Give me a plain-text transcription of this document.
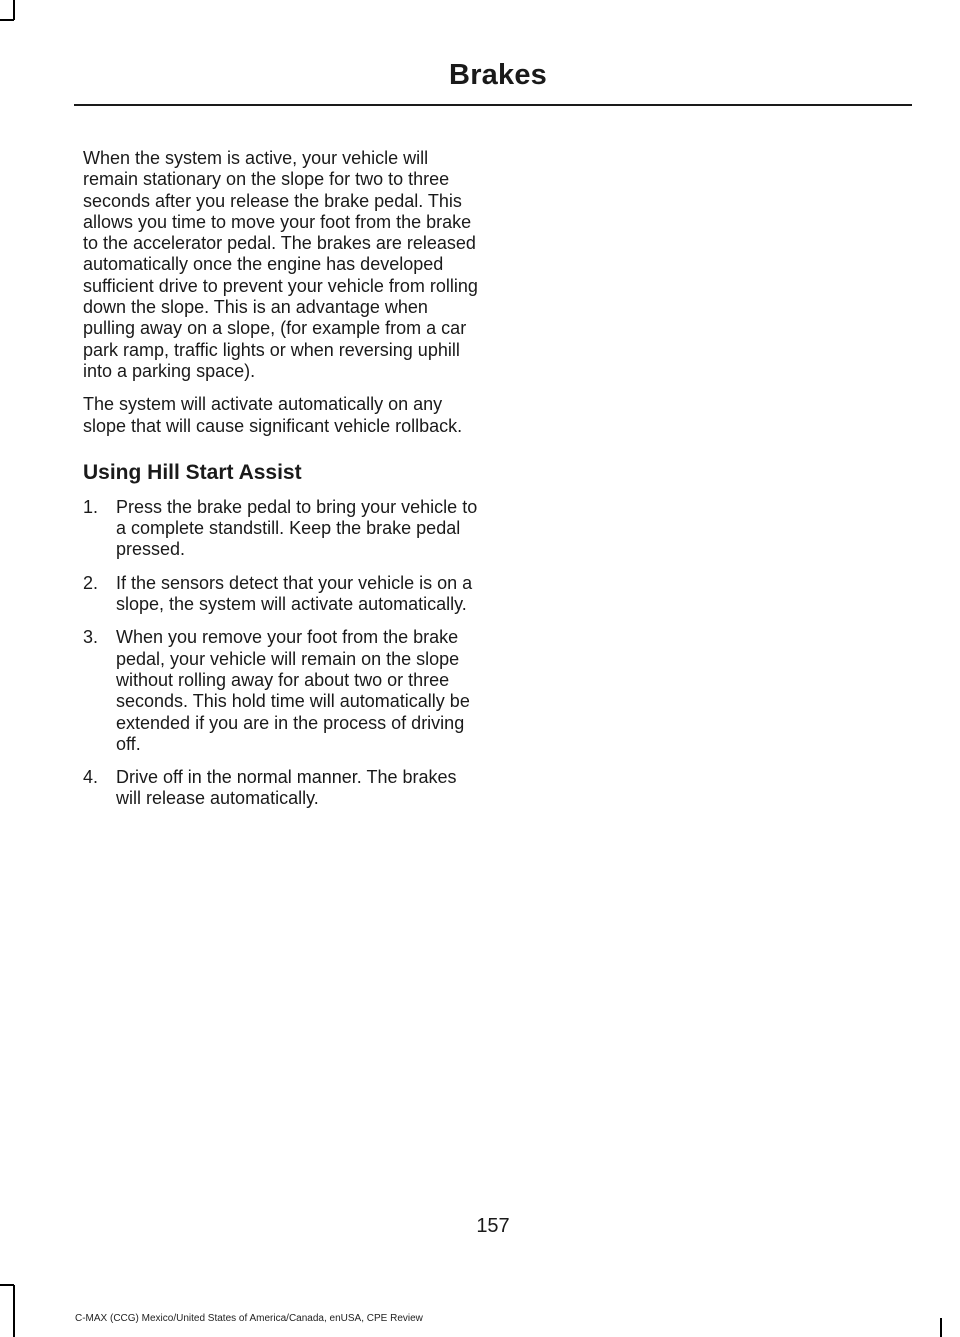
Brakes

When the system is active, your vehicle will remain stationary on the slope for two to three seconds after you release the brake pedal. This allows you time to move your foot from the brake to the accelerator pedal. The brakes are released automatically once the engine has developed sufficient drive to prevent your vehicle from rolling down the slope. This is an advantage when pulling away on a slope, (for example from a car park ramp, traffic lights or when reversing uphill into a parking space).

The system will activate automatically on any slope that will cause significant vehicle rollback.

Using Hill Start Assist
1. Press the brake pedal to bring your vehicle to a complete standstill. Keep the brake pedal pressed.
2. If the sensors detect that your vehicle is on a slope, the system will activate automatically.
3. When you remove your foot from the brake pedal, your vehicle will remain on the slope without rolling away for about two or three seconds. This hold time will automatically be extended if you are in the process of driving off.
4. Drive off in the normal manner. The brakes will release automatically.
157
C-MAX (CCG) Mexico/United States of America/Canada, enUSA, CPE Review
